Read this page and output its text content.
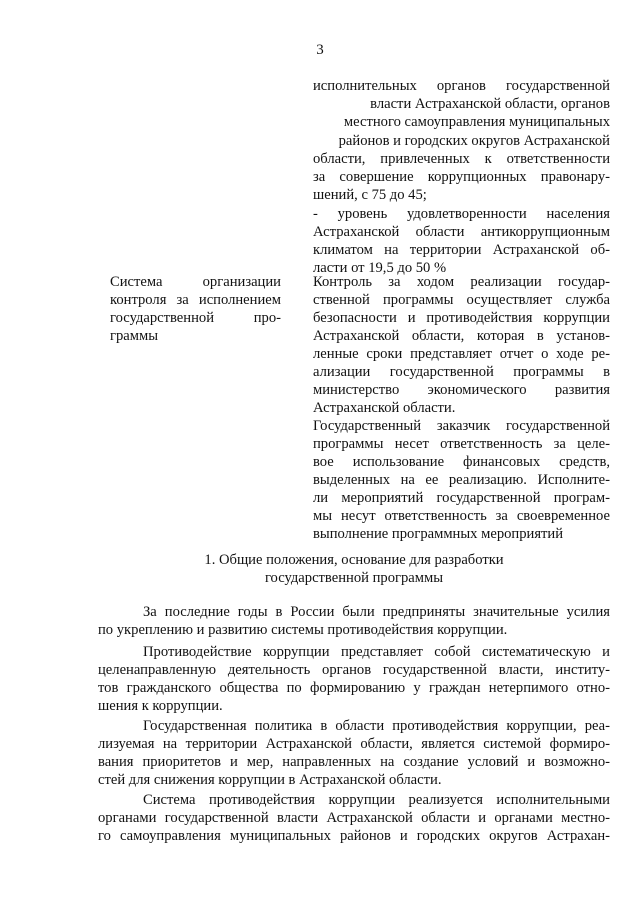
3

исполнительных органов государственной

власти Астраханской области, органов

местного самоуправления муниципальных

районов и городских округов Астраханской

области, привлеченных к ответственности

за совершение коррупционных правонару-

шений, с 75 до 45;

- уровень удовлетворенности населения

Астраханской области антикоррупционным

климатом на территории Астраханской об-

ласти от 19,5 до 50 %

Система организации

контроля за исполнением

государственной про-

граммы

Контроль за ходом реализации государ-

ственной программы осуществляет служба

безопасности и противодействия коррупции

Астраханской области, которая в установ-

ленные сроки представляет отчет о ходе ре-

ализации государственной программы в

министерство экономического развития

Астраханской области.

Государственный заказчик государственной

программы несет ответственность за целе-

вое использование финансовых средств,

выделенных на ее реализацию. Исполните-

ли мероприятий государственной програм-

мы несут ответственность за своевременное

выполнение программных мероприятий

1. Общие положения, основание для разработки

государственной программы

За последние годы в России были предприняты значительные усилия

по укреплению и развитию системы противодействия коррупции.

Противодействие коррупции представляет собой систематическую и

целенаправленную деятельность органов государственной власти, институ-

тов гражданского общества по формированию у граждан нетерпимого отно-

шения к коррупции.

Государственная политика в области противодействия коррупции, реа-

лизуемая на территории Астраханской области, является системой формиро-

вания приоритетов и мер, направленных на создание условий и возможно-

стей для снижения коррупции в Астраханской области.

Система противодействия коррупции реализуется исполнительными

органами государственной власти Астраханской области и органами местно-

го самоуправления муниципальных районов и городских округов Астрахан-
